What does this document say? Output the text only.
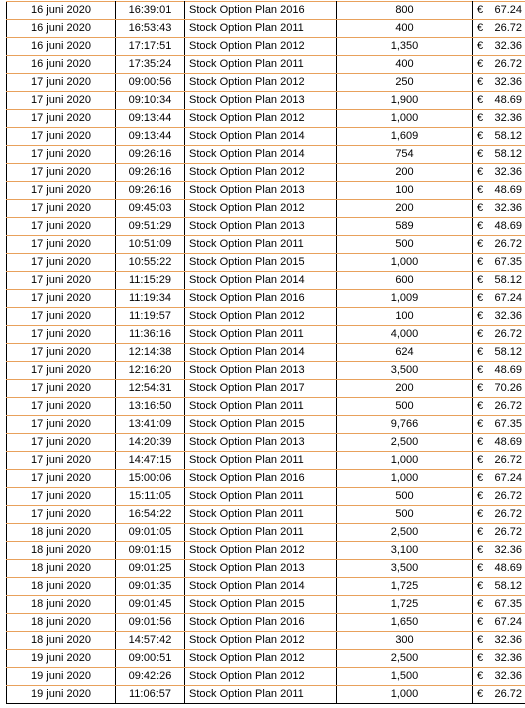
16 juni 2020	16:39:01	Stock Option Plan 2016	800	€ 67.24

16 juni 2020	16:53:43	Stock Option Plan 2011	400	€ 26.72

16 juni 2020	17:17:51	Stock Option Plan 2012	1,350	€ 32.36

16 juni 2020	17:35:24	Stock Option Plan 2011	400	€ 26.72

17 juni 2020	09:00:56	Stock Option Plan 2012	250	€ 32.36

17 juni 2020	09:10:34	Stock Option Plan 2013	1,900	€ 48.69

17 juni 2020	09:13:44	Stock Option Plan 2012	1,000	€ 32.36

17 juni 2020	09:13:44	Stock Option Plan 2014	1,609	€ 58.12

17 juni 2020	09:26:16	Stock Option Plan 2014	754	€ 58.12

17 juni 2020	09:26:16	Stock Option Plan 2012	200	€ 32.36

17 juni 2020	09:26:16	Stock Option Plan 2013	100	€ 48.69

17 juni 2020	09:45:03	Stock Option Plan 2012	200	€ 32.36

17 juni 2020	09:51:29	Stock Option Plan 2013	589	€ 48.69

17 juni 2020	10:51:09	Stock Option Plan 2011	500	€ 26.72

17 juni 2020	10:55:22	Stock Option Plan 2015	1,000	€ 67.35

17 juni 2020	11:15:29	Stock Option Plan 2014	600	€ 58.12

17 juni 2020	11:19:34	Stock Option Plan 2016	1,009	€ 67.24

17 juni 2020	11:19:57	Stock Option Plan 2012	100	€ 32.36

17 juni 2020	11:36:16	Stock Option Plan 2011	4,000	€ 26.72

17 juni 2020	12:14:38	Stock Option Plan 2014	624	€ 58.12

17 juni 2020	12:16:20	Stock Option Plan 2013	3,500	€ 48.69

17 juni 2020	12:54:31	Stock Option Plan 2017	200	€ 70.26

17 juni 2020	13:16:50	Stock Option Plan 2011	500	€ 26.72

17 juni 2020	13:41:09	Stock Option Plan 2015	9,766	€ 67.35

17 juni 2020	14:20:39	Stock Option Plan 2013	2,500	€ 48.69

17 juni 2020	14:47:15	Stock Option Plan 2011	1,000	€ 26.72

17 juni 2020	15:00:06	Stock Option Plan 2016	1,000	€ 67.24

17 juni 2020	15:11:05	Stock Option Plan 2011	500	€ 26.72

17 juni 2020	16:54:22	Stock Option Plan 2011	500	€ 26.72

18 juni 2020	09:01:05	Stock Option Plan 2011	2,500	€ 26.72

18 juni 2020	09:01:15	Stock Option Plan 2012	3,100	€ 32.36

18 juni 2020	09:01:25	Stock Option Plan 2013	3,500	€ 48.69

18 juni 2020	09:01:35	Stock Option Plan 2014	1,725	€ 58.12

18 juni 2020	09:01:45	Stock Option Plan 2015	1,725	€ 67.35

18 juni 2020	09:01:56	Stock Option Plan 2016	1,650	€ 67.24

18 juni 2020	14:57:42	Stock Option Plan 2012	300	€ 32.36

19 juni 2020	09:00:51	Stock Option Plan 2012	2,500	€ 32.36

19 juni 2020	09:42:26	Stock Option Plan 2012	1,500	€ 32.36

19 juni 2020	11:06:57	Stock Option Plan 2011	1,000	€ 26.72
